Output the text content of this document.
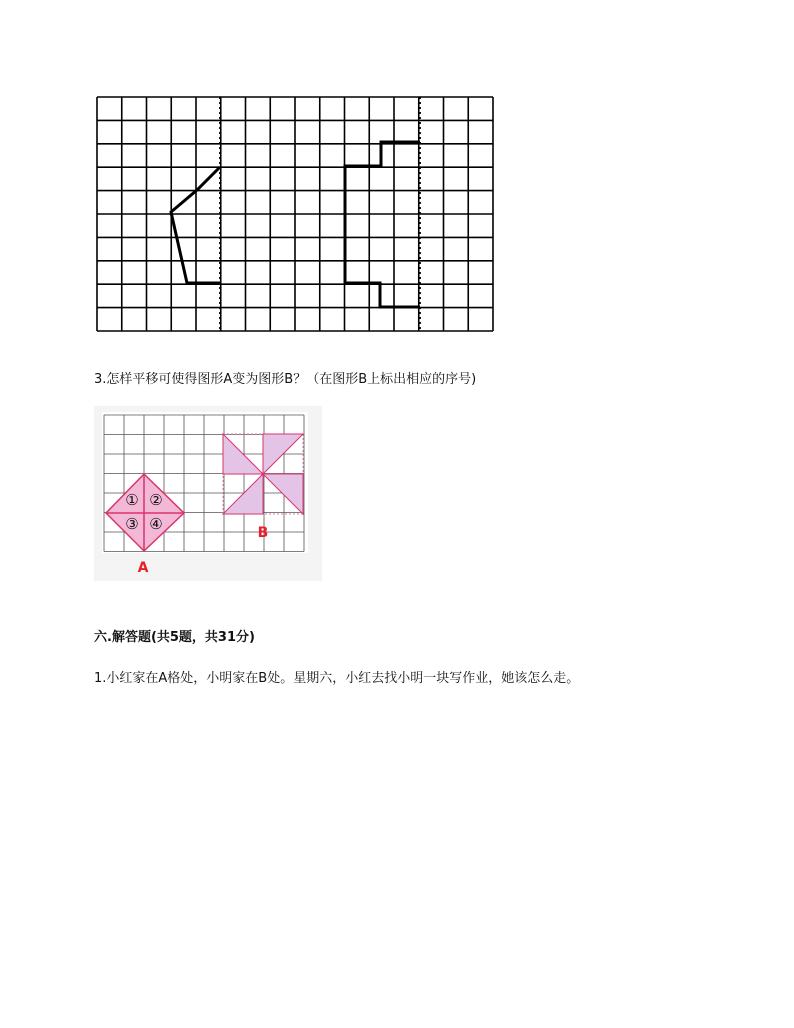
3.怎样平移可使得图形A变为图形B？（在图形B上标出相应的序号)
① ②
③ ④
A
B
六.解答题(共5题，共31分)
1.小红家在A格处，小明家在B处。星期六，小红去找小明一块写作业，她该怎么走。
